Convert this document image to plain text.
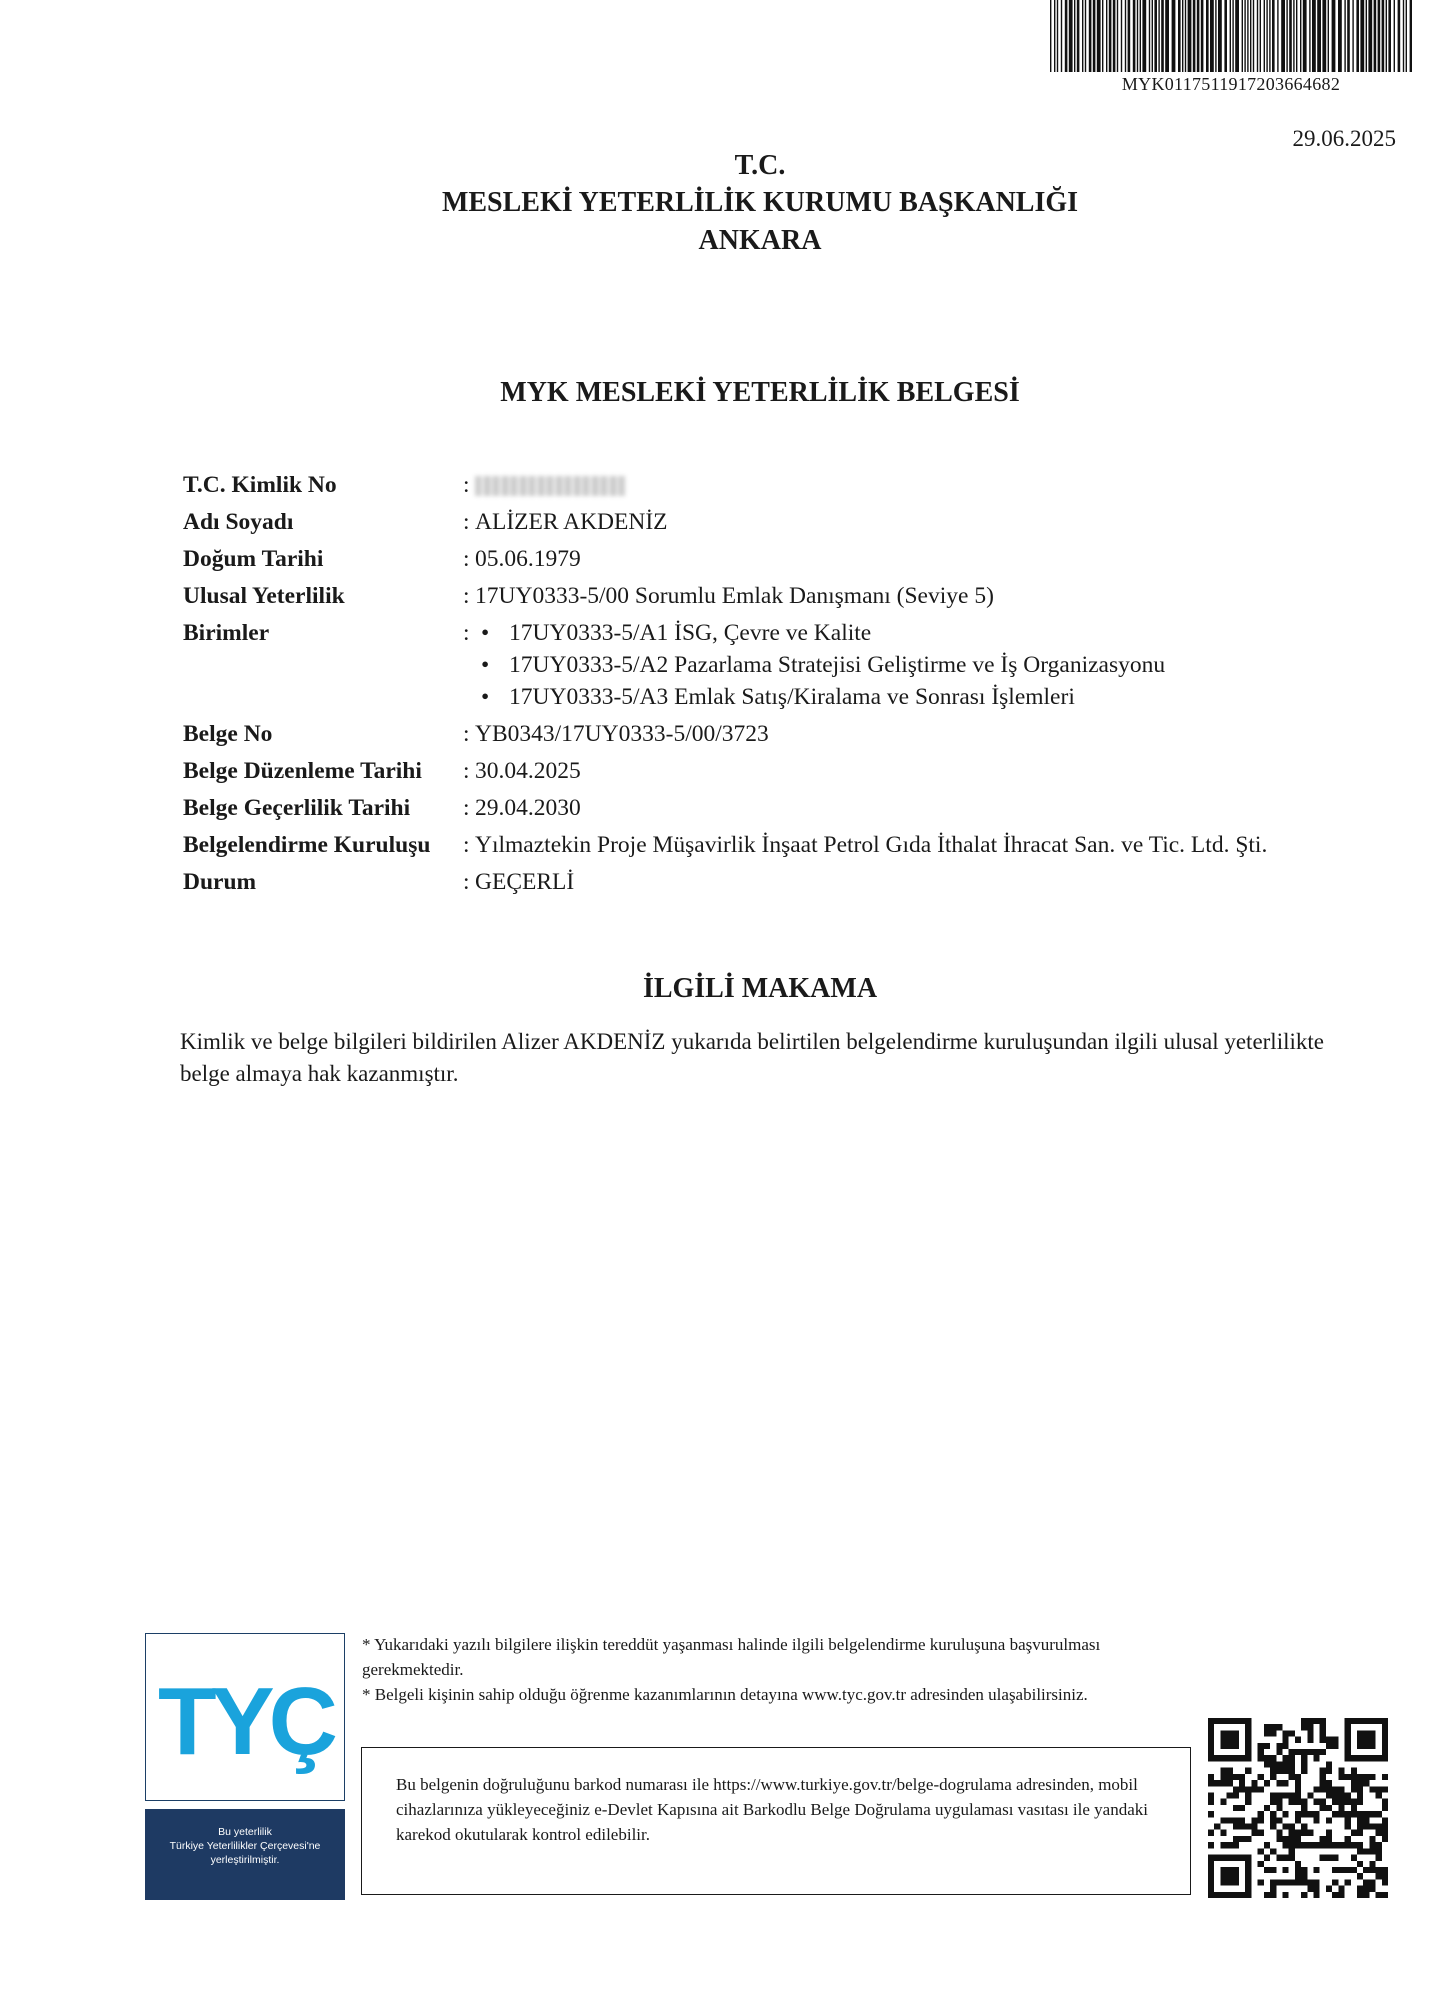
MYK0117511917203664682
29.06.2025
T.C.
MESLEKİ YETERLİLİK KURUMU BAŞKANLIĞI
ANKARA
MYK MESLEKİ YETERLİLİK BELGESİ
T.C. Kimlik No	:
Adı Soyadı	: ALİZER AKDENİZ
Doğum Tarihi	: 05.06.1979
Ulusal Yeterlilik	: 17UY0333-5/00 Sorumlu Emlak Danışmanı (Seviye 5)
Birimler	:
•	17UY0333-5/A1 İSG, Çevre ve Kalite
• 17UY0333-5/A2 Pazarlama Stratejisi Geliştirme ve İş Organizasyonu
• 17UY0333-5/A3 Emlak Satış/Kiralama ve Sonrası İşlemleri
Belge No	: YB0343/17UY0333-5/00/3723
Belge Düzenleme Tarihi	: 30.04.2025
Belge Geçerlilik Tarihi	: 29.04.2030
Belgelendirme Kuruluşu	: Yılmaztekin Proje Müşavirlik İnşaat Petrol Gıda İthalat İhracat San. ve Tic. Ltd. Şti.
Durum	: GEÇERLİ
İLGİLİ MAKAMA
Kimlik ve belge bilgileri bildirilen Alizer AKDENİZ yukarıda belirtilen belgelendirme kuruluşundan ilgili ulusal yeterlilikte belge almaya hak kazanmıştır.
TYÇ
Bu yeterlilik
Türkiye Yeterlilikler Çerçevesi'ne
yerleştirilmiştir.
* Yukarıdaki yazılı bilgilere ilişkin tereddüt yaşanması halinde ilgili belgelendirme kuruluşuna başvurulması gerekmektedir.
* Belgeli kişinin sahip olduğu öğrenme kazanımlarının detayına www.tyc.gov.tr adresinden ulaşabilirsiniz.
Bu belgenin doğruluğunu barkod numarası ile https://www.turkiye.gov.tr/belge-dogrulama adresinden, mobil cihazlarınıza yükleyeceğiniz e-Devlet Kapısına ait Barkodlu Belge Doğrulama uygulaması vasıtası ile yandaki karekod okutularak kontrol edilebilir.
